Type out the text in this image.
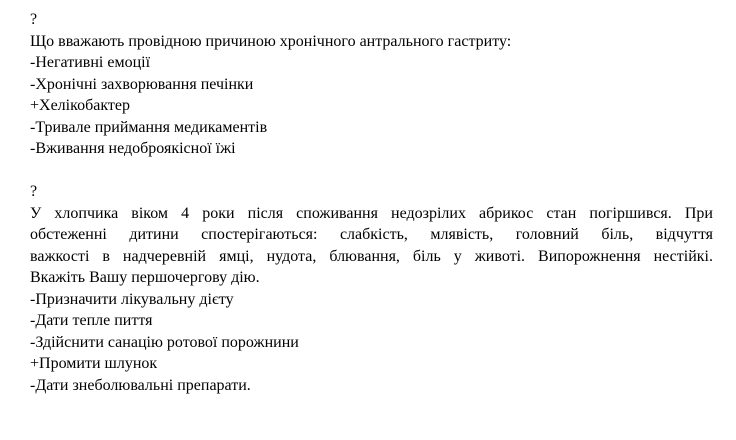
?
Що вважають провідною причиною хронічного антрального гастриту:
-Негативні емоції
-Хронічні захворювання печінки
+Хелікобактер
-Тривале приймання медикаментів
-Вживання недоброякісної їжі
?
У хлопчика віком 4 роки після споживання недозрілих абрикос стан погіршився. При
обстеженні дитини спостерігаються: слабкість, млявість, головний біль, відчуття
важкості в надчеревній ямці, нудота, блювання, біль у животі. Випорожнення нестійкі.
Вкажіть Вашу першочергову дію.
-Призначити лікувальну дієту
-Дати тепле пиття
-Здійснити санацію ротової порожнини
+Промити шлунок
-Дати знеболювальні препарати.
